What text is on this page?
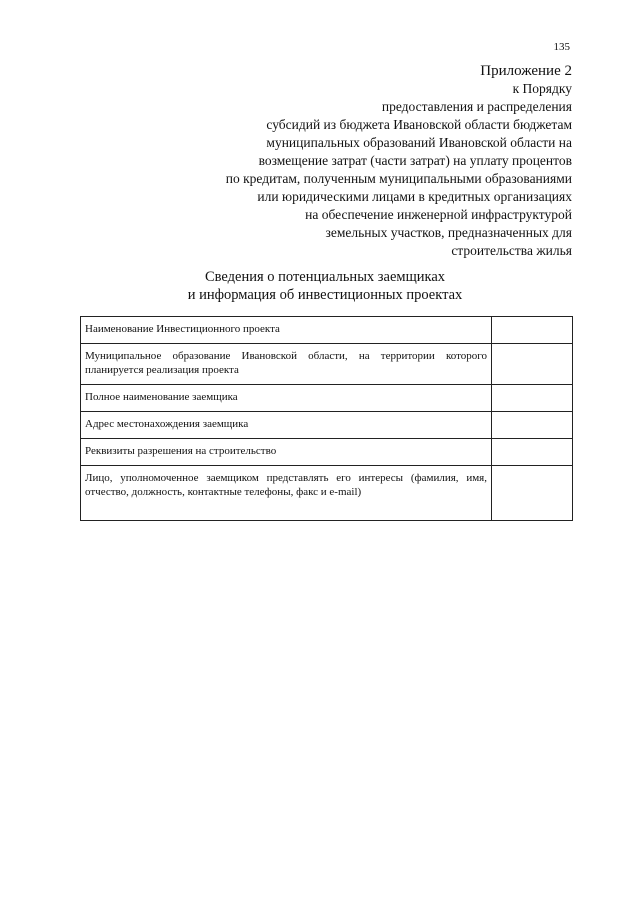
135
Приложение 2
к Порядку
предоставления и распределения
субсидий из бюджета Ивановской области бюджетам
муниципальных образований Ивановской области на
возмещение затрат (части затрат) на уплату процентов
по кредитам, полученным муниципальными образованиями
или юридическими лицами в кредитных организациях
на обеспечение инженерной инфраструктурой
земельных участков, предназначенных для
строительства жилья
Сведения о потенциальных заемщиках
и информация об инвестиционных проектах
Наименование Инвестиционного проекта	
Муниципальное образование Ивановской области, на территории которого планируется реализация проекта	
Полное наименование заемщика	
Адрес местонахождения заемщика	
Реквизиты разрешения на строительство	
Лицо, уполномоченное заемщиком представлять его интересы (фамилия, имя, отчество, должность, контактные телефоны, факс и e-mail)	
